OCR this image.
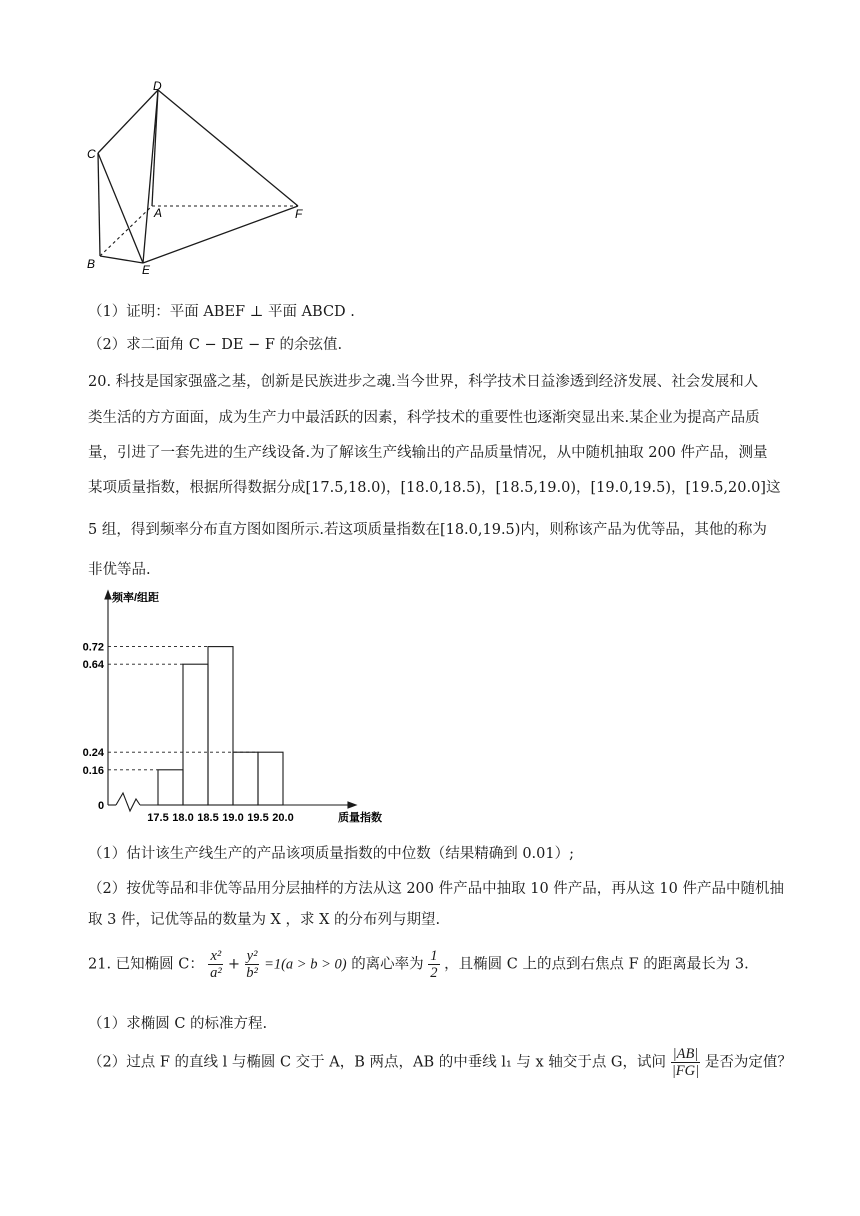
D
C
A	F
B	E
（1）证明：平面 ABEF ⊥ 平面 ABCD .
（2）求二面角 C − DE − F 的余弦值.
20. 科技是国家强盛之基，创新是民族进步之魂.当今世界，科学技术日益渗透到经济发展、社会发展和人
类生活的方方面面，成为生产力中最活跃的因素，科学技术的重要性也逐渐突显出来.某企业为提高产品质
量，引进了一套先进的生产线设备.为了解该生产线输出的产品质量情况，从中随机抽取 200 件产品，测量
某项质量指数，根据所得数据分成[17.5,18.0)，[18.0,18.5)，[18.5,19.0)，[19.0,19.5)，[19.5,20.0]这
5 组，得到频率分布直方图如图所示.若这项质量指数在[18.0,19.5)内，则称该产品为优等品，其他的称为
非优等品.
0.72
0.64
0.24
0.16
17.5 18.0 18.5 19.0 19.5 20.0
频率/组距
质量指数
0
（1）估计该生产线生产的产品该项质量指数的中位数（结果精确到 0.01）;
（2）按优等品和非优等品用分层抽样的方法从这 200 件产品中抽取 10 件产品，再从这 10 件产品中随机抽
取 3 件，记优等品的数量为 X ，求 X 的分布列与期望.
21. 已知椭圆 C： $\frac{\text{x²}}{\text{a²}} + \frac{\text{y²}}{\text{b²}} =1(a > b > 0)$ 的离心率为 $\frac{1}{2}$ ，且椭圆 C 上的点到右焦点 F 的距离最长为 3.
（1）求椭圆 C 的标准方程.
（2）过点 F 的直线 l 与椭圆 C 交于 A，B 两点，AB 的中垂线 l₁ 与 x 轴交于点 G，试问 $\frac{|AB|}{|FG|}$ 是否为定值？
